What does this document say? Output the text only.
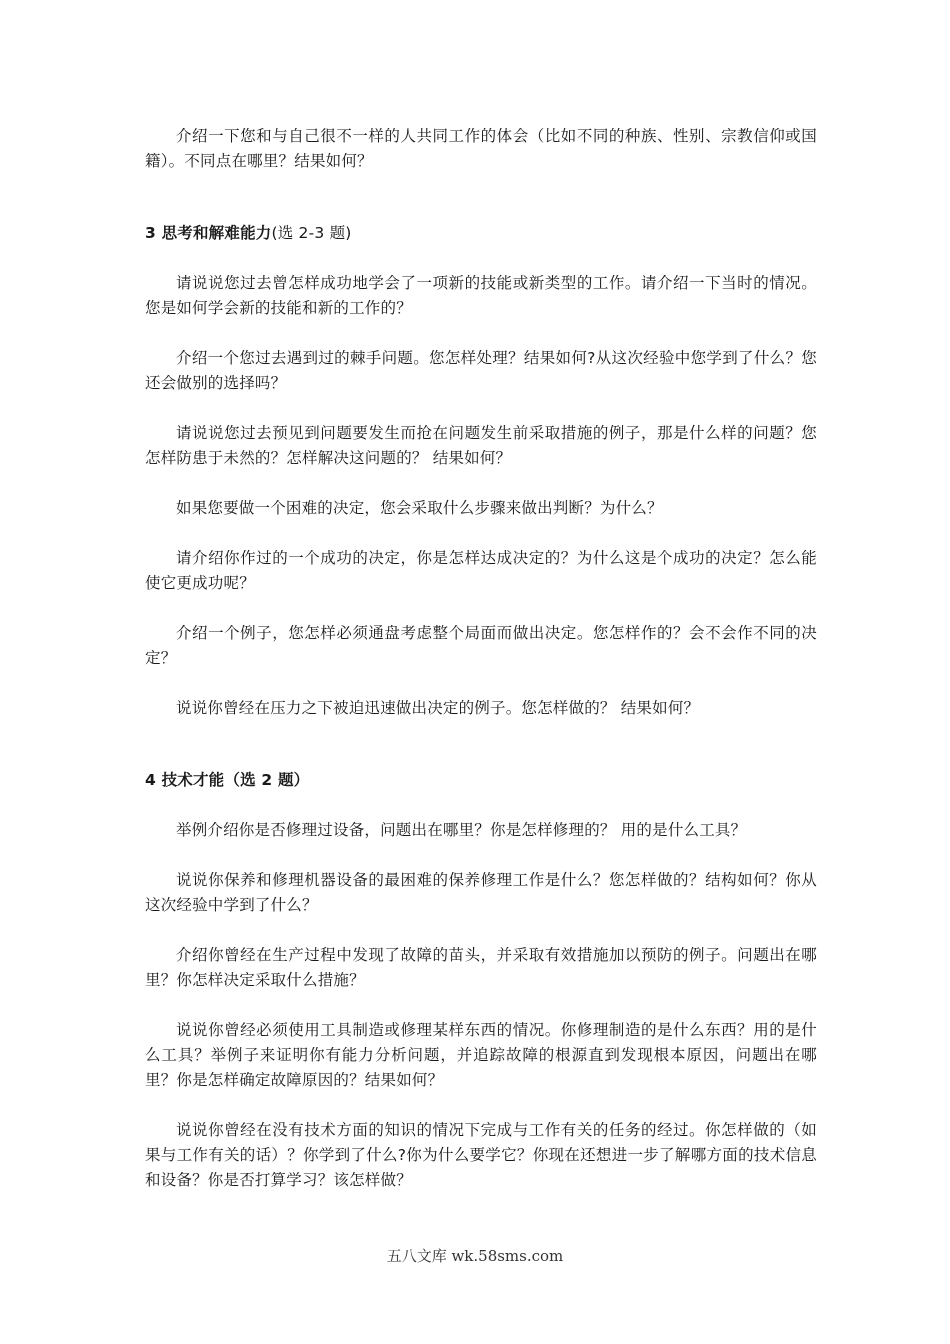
介绍一下您和与自己很不一样的人共同工作的体会（比如不同的种族、性别、宗教信仰或国籍）。不同点在哪里？结果如何？

3 思考和解难能力(选 2-3 题)

请说说您过去曾怎样成功地学会了一项新的技能或新类型的工作。请介绍一下当时的情况。您是如何学会新的技能和新的工作的？

介绍一个您过去遇到过的棘手问题。您怎样处理？结果如何?从这次经验中您学到了什么？您还会做别的选择吗？

请说说您过去预见到问题要发生而抢在问题发生前采取措施的例子，那是什么样的问题？您怎样防患于未然的？怎样解决这问题的？ 结果如何？

如果您要做一个困难的决定，您会采取什么步骤来做出判断？为什么？

请介绍你作过的一个成功的决定，你是怎样达成决定的？为什么这是个成功的决定？怎么能使它更成功呢？

介绍一个例子，您怎样必须通盘考虑整个局面而做出决定。您怎样作的？会不会作不同的决定？

说说你曾经在压力之下被迫迅速做出决定的例子。您怎样做的？ 结果如何？

4 技术才能（选 2 题）

举例介绍你是否修理过设备，问题出在哪里？你是怎样修理的？ 用的是什么工具？

说说你保养和修理机器设备的最困难的保养修理工作是什么？您怎样做的？结构如何？你从这次经验中学到了什么？

介绍你曾经在生产过程中发现了故障的苗头，并采取有效措施加以预防的例子。问题出在哪里？你怎样决定采取什么措施？

说说你曾经必须使用工具制造或修理某样东西的情况。你修理制造的是什么东西？用的是什么工具？举例子来证明你有能力分析问题，并追踪故障的根源直到发现根本原因，问题出在哪里？你是怎样确定故障原因的？结果如何？

说说你曾经在没有技术方面的知识的情况下完成与工作有关的任务的经过。你怎样做的（如果与工作有关的话）？你学到了什么?你为什么要学它？你现在还想进一步了解哪方面的技术信息和设备？你是否打算学习？该怎样做？

五八文库 wk.58sms.com
